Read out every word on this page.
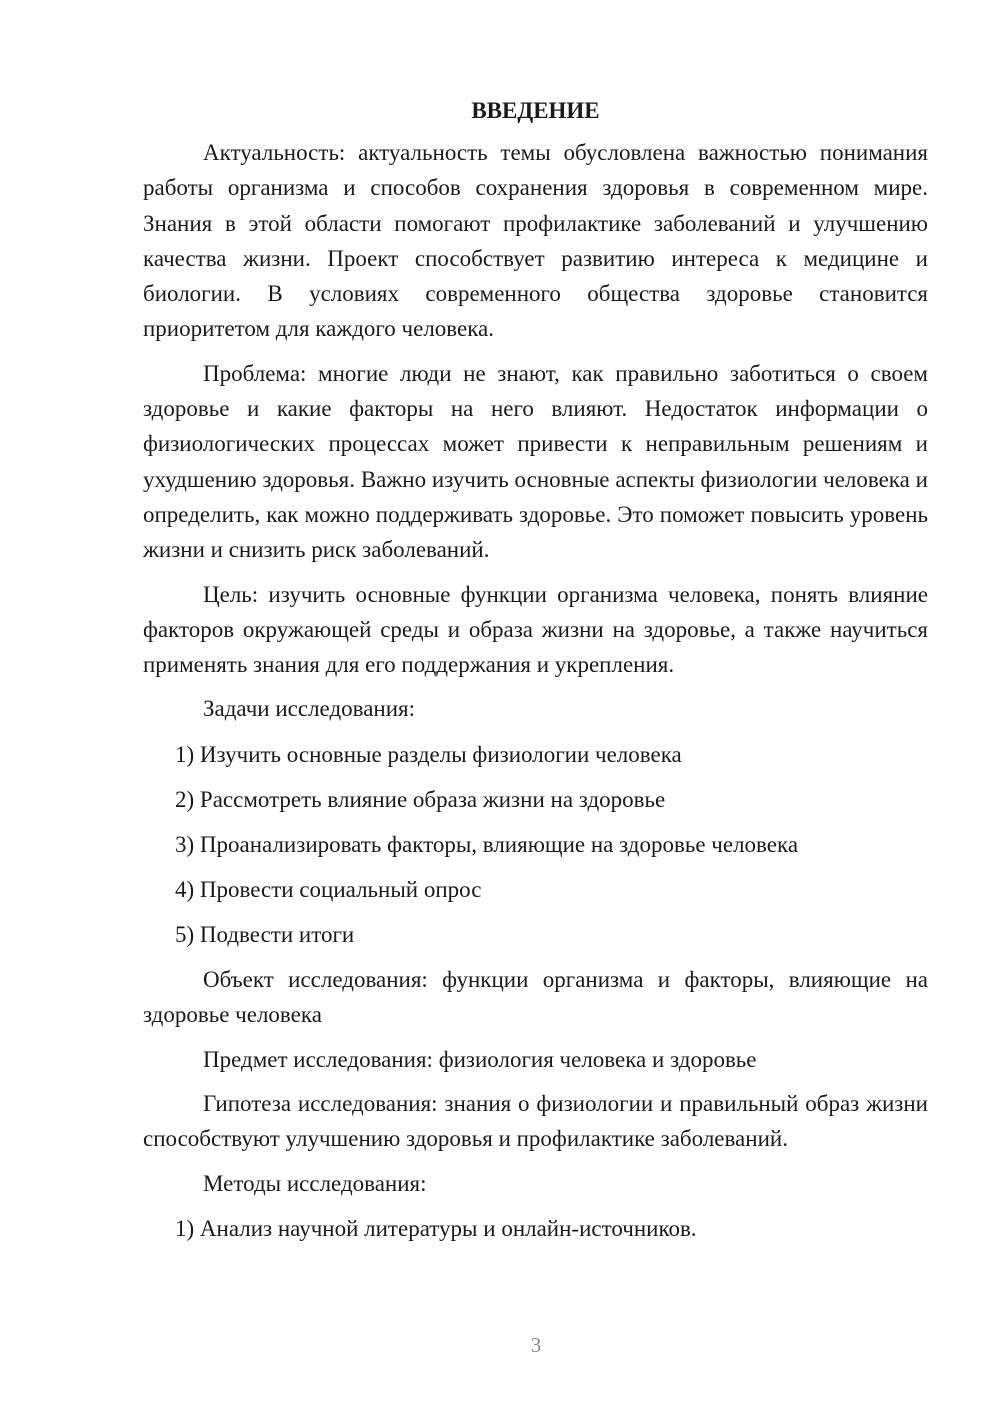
ВВЕДЕНИЕ

Актуальность: актуальность темы обусловлена важностью понимания работы организма и способов сохранения здоровья в современном мире. Знания в этой области помогают профилактике заболеваний и улучшению качества жизни. Проект способствует развитию интереса к медицине и биологии. В условиях современного общества здоровье становится приоритетом для каждого человека.

Проблема: многие люди не знают, как правильно заботиться о своем здоровье и какие факторы на него влияют. Недостаток информации о физиологических процессах может привести к неправильным решениям и ухудшению здоровья. Важно изучить основные аспекты физиологии человека и определить, как можно поддерживать здоровье. Это поможет повысить уровень жизни и снизить риск заболеваний.

Цель: изучить основные функции организма человека, понять влияние факторов окружающей среды и образа жизни на здоровье, а также научиться применять знания для его поддержания и укрепления.

Задачи исследования:
1) Изучить основные разделы физиологии человека
2) Рассмотреть влияние образа жизни на здоровье
3) Проанализировать факторы, влияющие на здоровье человека
4) Провести социальный опрос
5) Подвести итоги

Объект исследования: функции организма и факторы, влияющие на здоровье человека

Предмет исследования: физиология человека и здоровье

Гипотеза исследования: знания о физиологии и правильный образ жизни способствуют улучшению здоровья и профилактике заболеваний.

Методы исследования:
1) Анализ научной литературы и онлайн-источников.
3
